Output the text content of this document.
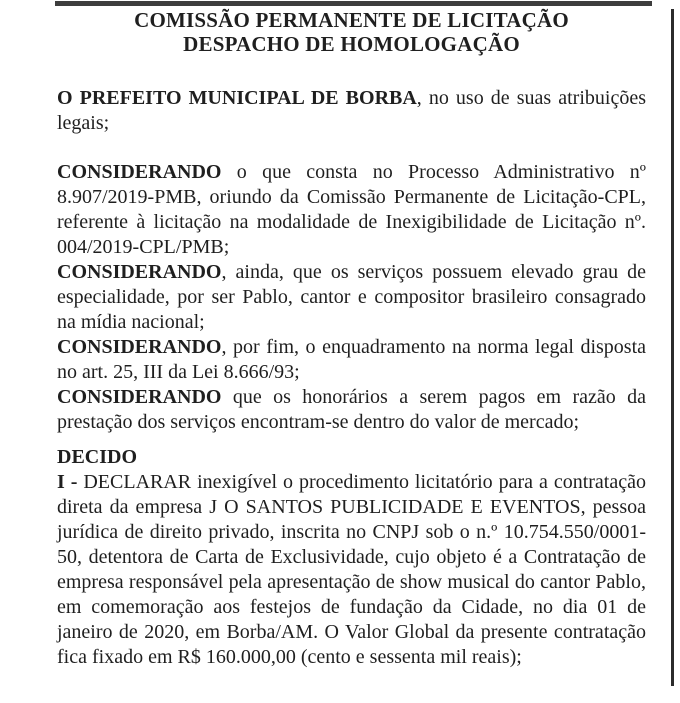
COMISSÃO PERMANENTE DE LICITAÇÃO
DESPACHO DE HOMOLOGAÇÃO

O PREFEITO MUNICIPAL DE BORBA, no uso de suas atribuições legais;

CONSIDERANDO o que consta no Processo Administrativo nº 8.907/2019-PMB, oriundo da Comissão Permanente de Licitação-CPL, referente à licitação na modalidade de Inexigibilidade de Licitação nº. 004/2019-CPL/PMB;

CONSIDERANDO, ainda, que os serviços possuem elevado grau de especialidade, por ser Pablo, cantor e compositor brasileiro consagrado na mídia nacional;

CONSIDERANDO, por fim, o enquadramento na norma legal disposta no art. 25, III da Lei 8.666/93;

CONSIDERANDO que os honorários a serem pagos em razão da prestação dos serviços encontram-se dentro do valor de mercado;

DECIDO

I - DECLARAR inexigível o procedimento licitatório para a contratação direta da empresa J O SANTOS PUBLICIDADE E EVENTOS, pessoa jurídica de direito privado, inscrita no CNPJ sob o n.º 10.754.550/0001-50, detentora de Carta de Exclusividade, cujo objeto é a Contratação de empresa responsável pela apresentação de show musical do cantor Pablo, em comemoração aos festejos de fundação da Cidade, no dia 01 de janeiro de 2020, em Borba/AM. O Valor Global da presente contratação fica fixado em R$ 160.000,00 (cento e sessenta mil reais);
